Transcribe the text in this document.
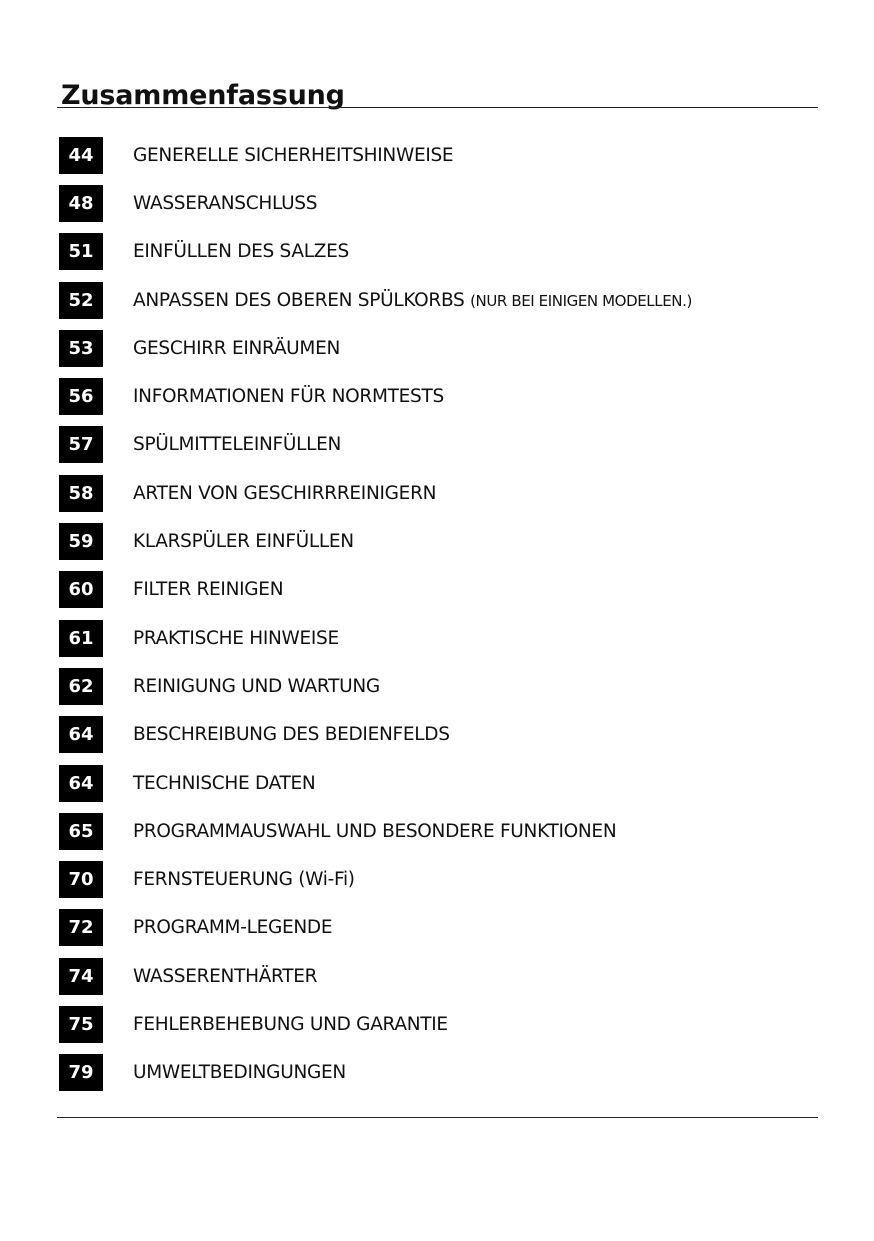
Zusammenfassung
44	GENERELLE SICHERHEITSHINWEISE
48	WASSERANSCHLUSS
51	EINFÜLLEN DES SALZES
52	ANPASSEN DES OBEREN SPÜLKORBS (NUR BEI EINIGEN MODELLEN.)
53	GESCHIRR EINRÄUMEN
56	INFORMATIONEN FÜR NORMTESTS
57	SPÜLMITTELEINFÜLLEN
58	ARTEN VON GESCHIRRREINIGERN
59	KLARSPÜLER EINFÜLLEN
60	FILTER REINIGEN
61	PRAKTISCHE HINWEISE
62	REINIGUNG UND WARTUNG
64	BESCHREIBUNG DES BEDIENFELDS
64	TECHNISCHE DATEN
65	PROGRAMMAUSWAHL UND BESONDERE FUNKTIONEN
70	FERNSTEUERUNG (Wi-Fi)
72	PROGRAMM-LEGENDE
74	WASSERENTHÄRTER
75	FEHLERBEHEBUNG UND GARANTIE
79	UMWELTBEDINGUNGEN
